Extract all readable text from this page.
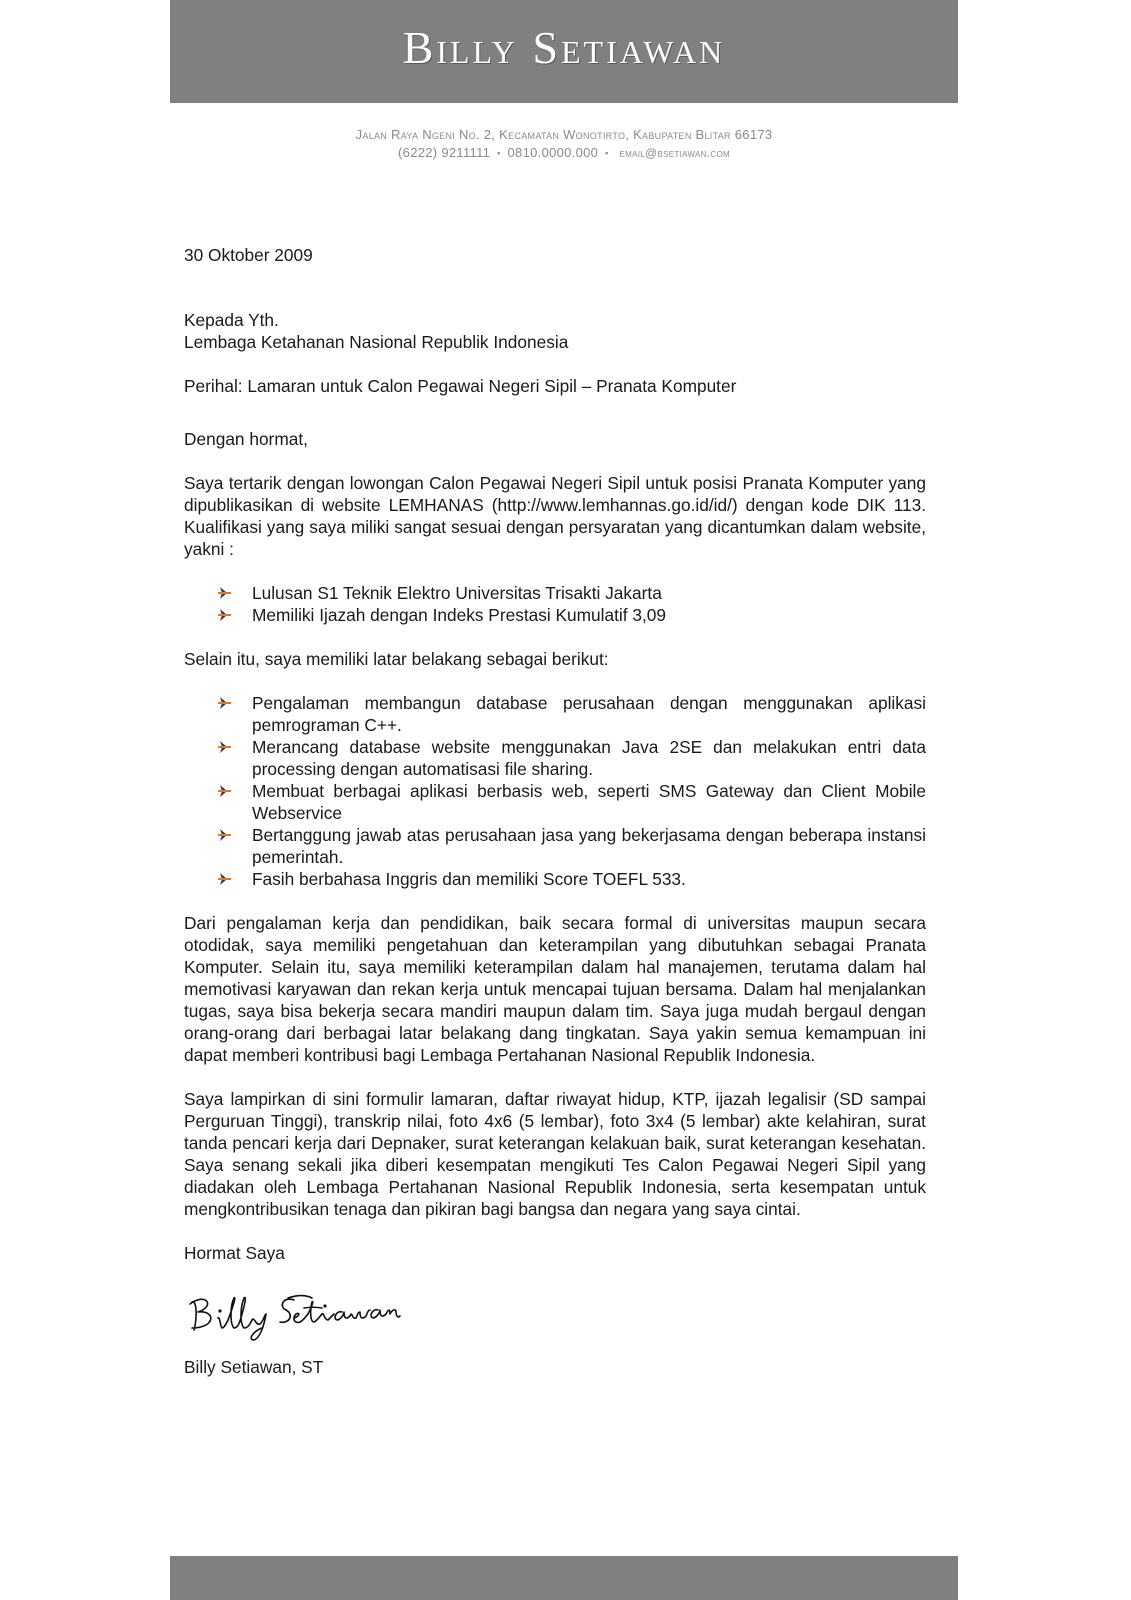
Billy Setiawan
Jalan Raya Ngeni No. 2, Kecamatan Wonotirto, Kabupaten Blitar 66173
(6222) 9211111 ▪ 0810.0000.000 ▪ email@bsetiawan.com

30 Oktober 2009

Kepada Yth.

Lembaga Ketahanan Nasional Republik Indonesia

Perihal: Lamaran untuk Calon Pegawai Negeri Sipil – Pranata Komputer

Dengan hormat,

Saya tertarik dengan lowongan Calon Pegawai Negeri Sipil untuk posisi Pranata Komputer yang dipublikasikan di website LEMHANAS (http://www.lemhannas.go.id/id/) dengan kode DIK 113. Kualifikasi yang saya miliki sangat sesuai dengan persyaratan yang dicantumkan dalam website, yakni :

Lulusan S1 Teknik Elektro Universitas Trisakti Jakarta
Memiliki Ijazah dengan Indeks Prestasi Kumulatif 3,09

Selain itu, saya memiliki latar belakang sebagai berikut:

Pengalaman membangun database perusahaan dengan menggunakan aplikasi pemrograman C++.
Merancang database website menggunakan Java 2SE dan melakukan entri data processing dengan automatisasi file sharing.
Membuat berbagai aplikasi berbasis web, seperti SMS Gateway dan Client Mobile Webservice
Bertanggung jawab atas perusahaan jasa yang bekerjasama dengan beberapa instansi pemerintah.
Fasih berbahasa Inggris dan memiliki Score TOEFL 533.

Dari pengalaman kerja dan pendidikan, baik secara formal di universitas maupun secara otodidak, saya memiliki pengetahuan dan keterampilan yang dibutuhkan sebagai Pranata Komputer. Selain itu, saya memiliki keterampilan dalam hal manajemen, terutama dalam hal memotivasi karyawan dan rekan kerja untuk mencapai tujuan bersama. Dalam hal menjalankan tugas, saya bisa bekerja secara mandiri maupun dalam tim. Saya juga mudah bergaul dengan orang-orang dari berbagai latar belakang dang tingkatan. Saya yakin semua kemampuan ini dapat memberi kontribusi bagi Lembaga Pertahanan Nasional Republik Indonesia.

Saya lampirkan di sini formulir lamaran, daftar riwayat hidup, KTP, ijazah legalisir (SD sampai Perguruan Tinggi), transkrip nilai, foto 4x6 (5 lembar), foto 3x4 (5 lembar) akte kelahiran, surat tanda pencari kerja dari Depnaker, surat keterangan kelakuan baik, surat keterangan kesehatan. Saya senang sekali jika diberi kesempatan mengikuti Tes Calon Pegawai Negeri Sipil yang diadakan oleh Lembaga Pertahanan Nasional Republik Indonesia, serta kesempatan untuk mengkontribusikan tenaga dan pikiran bagi bangsa dan negara yang saya cintai.

Hormat Saya

Billy Setiawan, ST
